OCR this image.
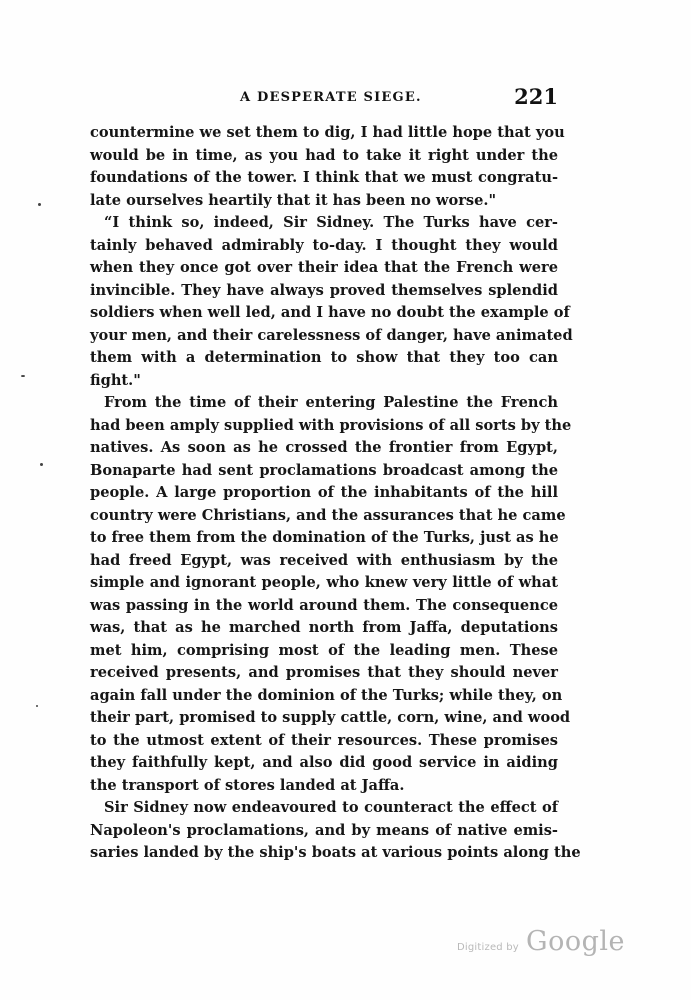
A DESPERATE SIEGE.	221
countermine we set them to dig, I had little hope that you
would be in time, as you had to take it right under the
foundations of the tower. I think that we must congratu-
late ourselves heartily that it has been no worse."
“I think so, indeed, Sir Sidney. The Turks have cer-
tainly behaved admirably to-day. I thought they would
when they once got over their idea that the French were
invincible. They have always proved themselves splendid
soldiers when well led, and I have no doubt the example of
your men, and their carelessness of danger, have animated
them with a determination to show that they too can
fight."
From the time of their entering Palestine the French
had been amply supplied with provisions of all sorts by the
natives. As soon as he crossed the frontier from Egypt,
Bonaparte had sent proclamations broadcast among the
people. A large proportion of the inhabitants of the hill
country were Christians, and the assurances that he came
to free them from the domination of the Turks, just as he
had freed Egypt, was received with enthusiasm by the
simple and ignorant people, who knew very little of what
was passing in the world around them. The consequence
was, that as he marched north from Jaffa, deputations
met him, comprising most of the leading men. These
received presents, and promises that they should never
again fall under the dominion of the Turks; while they, on
their part, promised to supply cattle, corn, wine, and wood
to the utmost extent of their resources. These promises
they faithfully kept, and also did good service in aiding
the transport of stores landed at Jaffa.
Sir Sidney now endeavoured to counteract the effect of
Napoleon's proclamations, and by means of native emis-
saries landed by the ship's boats at various points along the
Digitized by Google
